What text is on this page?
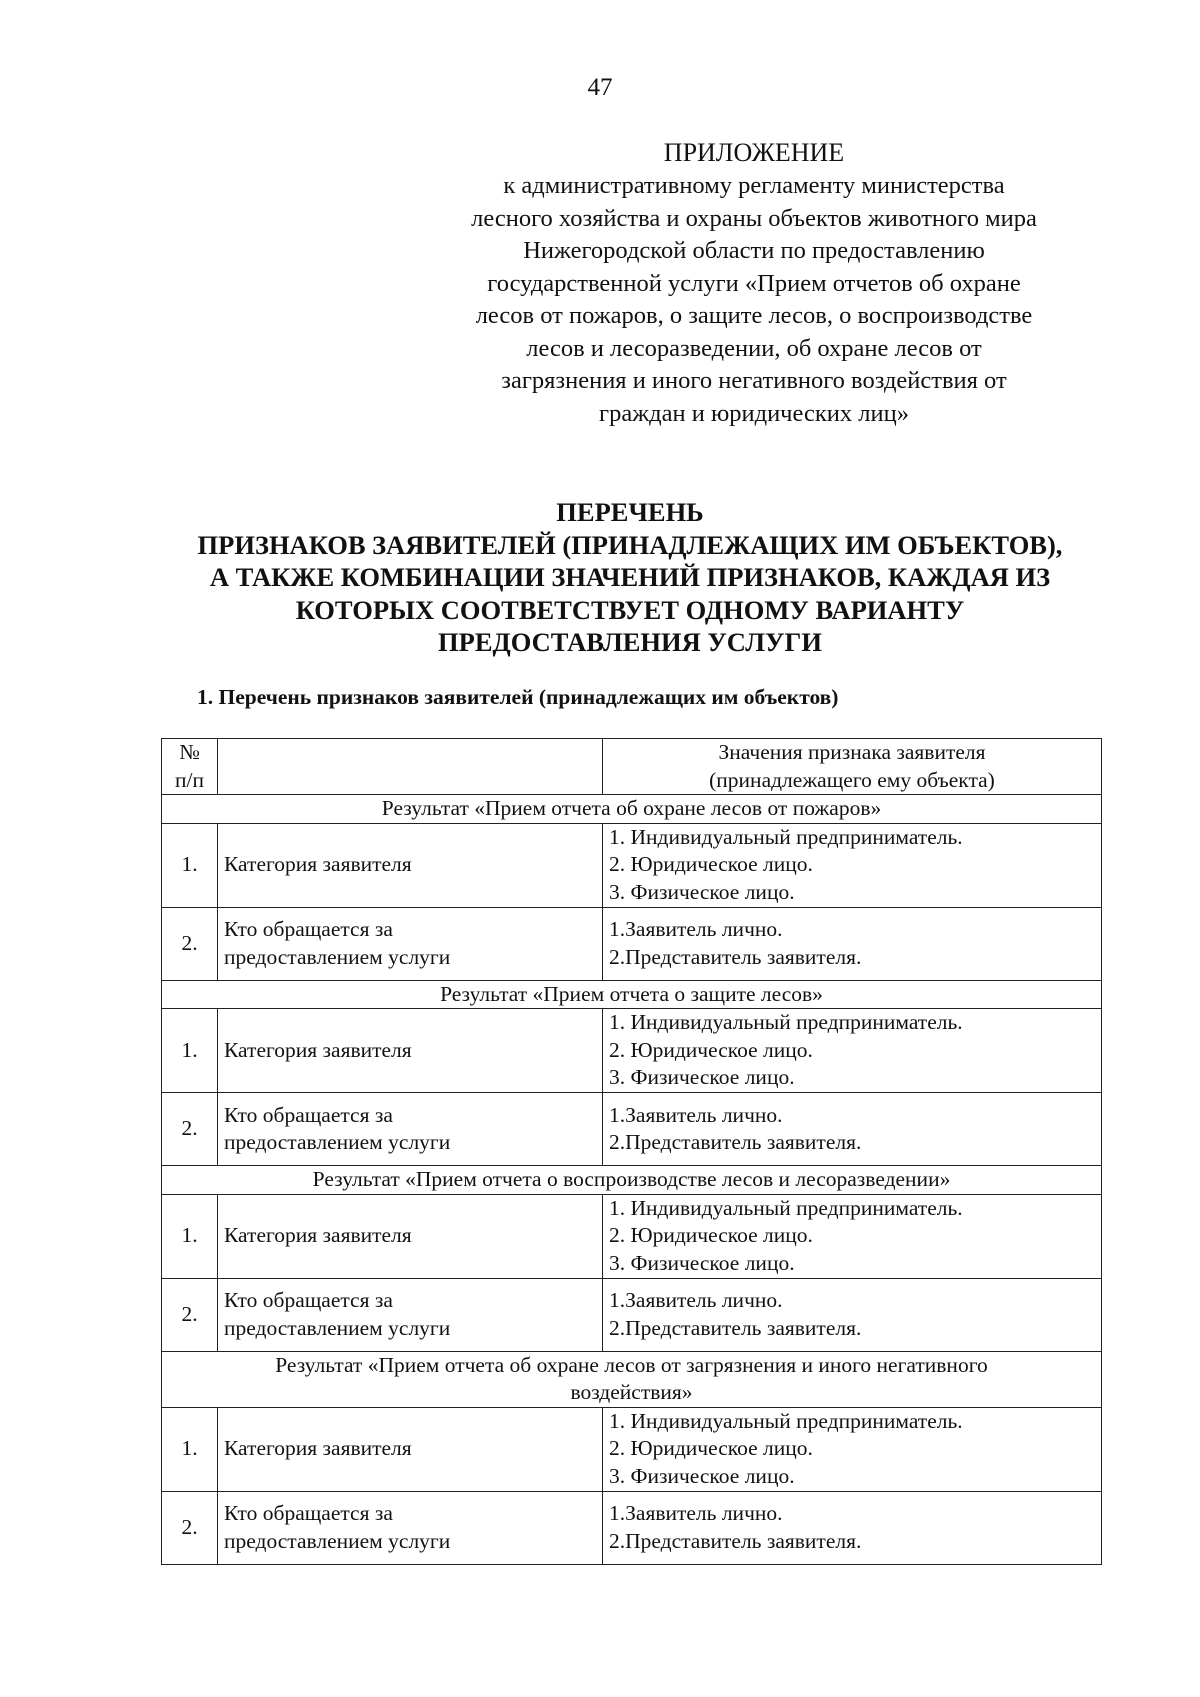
47
ПРИЛОЖЕНИЕ
к административному регламенту министерства
лесного хозяйства и охраны объектов животного мира
Нижегородской области по предоставлению
государственной услуги «Прием отчетов об охране
лесов от пожаров, о защите лесов, о воспроизводстве
лесов и лесоразведении, об охране лесов от
загрязнения и иного негативного воздействия от
граждан и юридических лиц»
ПЕРЕЧЕНЬ
ПРИЗНАКОВ ЗАЯВИТЕЛЕЙ (ПРИНАДЛЕЖАЩИХ ИМ ОБЪЕКТОВ),
А ТАКЖЕ КОМБИНАЦИИ ЗНАЧЕНИЙ ПРИЗНАКОВ, КАЖДАЯ ИЗ
КОТОРЫХ СООТВЕТСТВУЕТ ОДНОМУ ВАРИАНТУ
ПРЕДОСТАВЛЕНИЯ УСЛУГИ
1. Перечень признаков заявителей (принадлежащих им объектов)
№
п/п		Значения признака заявителя
(принадлежащего ему объекта)

Результат «Прием отчета об охране лесов от пожаров»		
1.	Категория заявителя	1. Индивидуальный предприниматель.
2. Юридическое лицо.
3. Физическое лицо.

2.	Кто обращается за
предоставлением услуги	1.Заявитель лично.
2.Представитель заявителя.

Результат «Прием отчета о защите лесов»		
1.	Категория заявителя	1. Индивидуальный предприниматель.
2. Юридическое лицо.
3. Физическое лицо.

2.	Кто обращается за
предоставлением услуги	1.Заявитель лично.
2.Представитель заявителя.

Результат «Прием отчета о воспроизводстве лесов и лесоразведении»		
1.	Категория заявителя	1. Индивидуальный предприниматель.
2. Юридическое лицо.
3. Физическое лицо.

2.	Кто обращается за
предоставлением услуги	1.Заявитель лично.
2.Представитель заявителя.

Результат «Прием отчета об охране лесов от загрязнения и иного негативного
воздействия»		

1.	Категория заявителя	1. Индивидуальный предприниматель.
2. Юридическое лицо.
3. Физическое лицо.

2.	Кто обращается за
предоставлением услуги	1.Заявитель лично.
2.Представитель заявителя.
